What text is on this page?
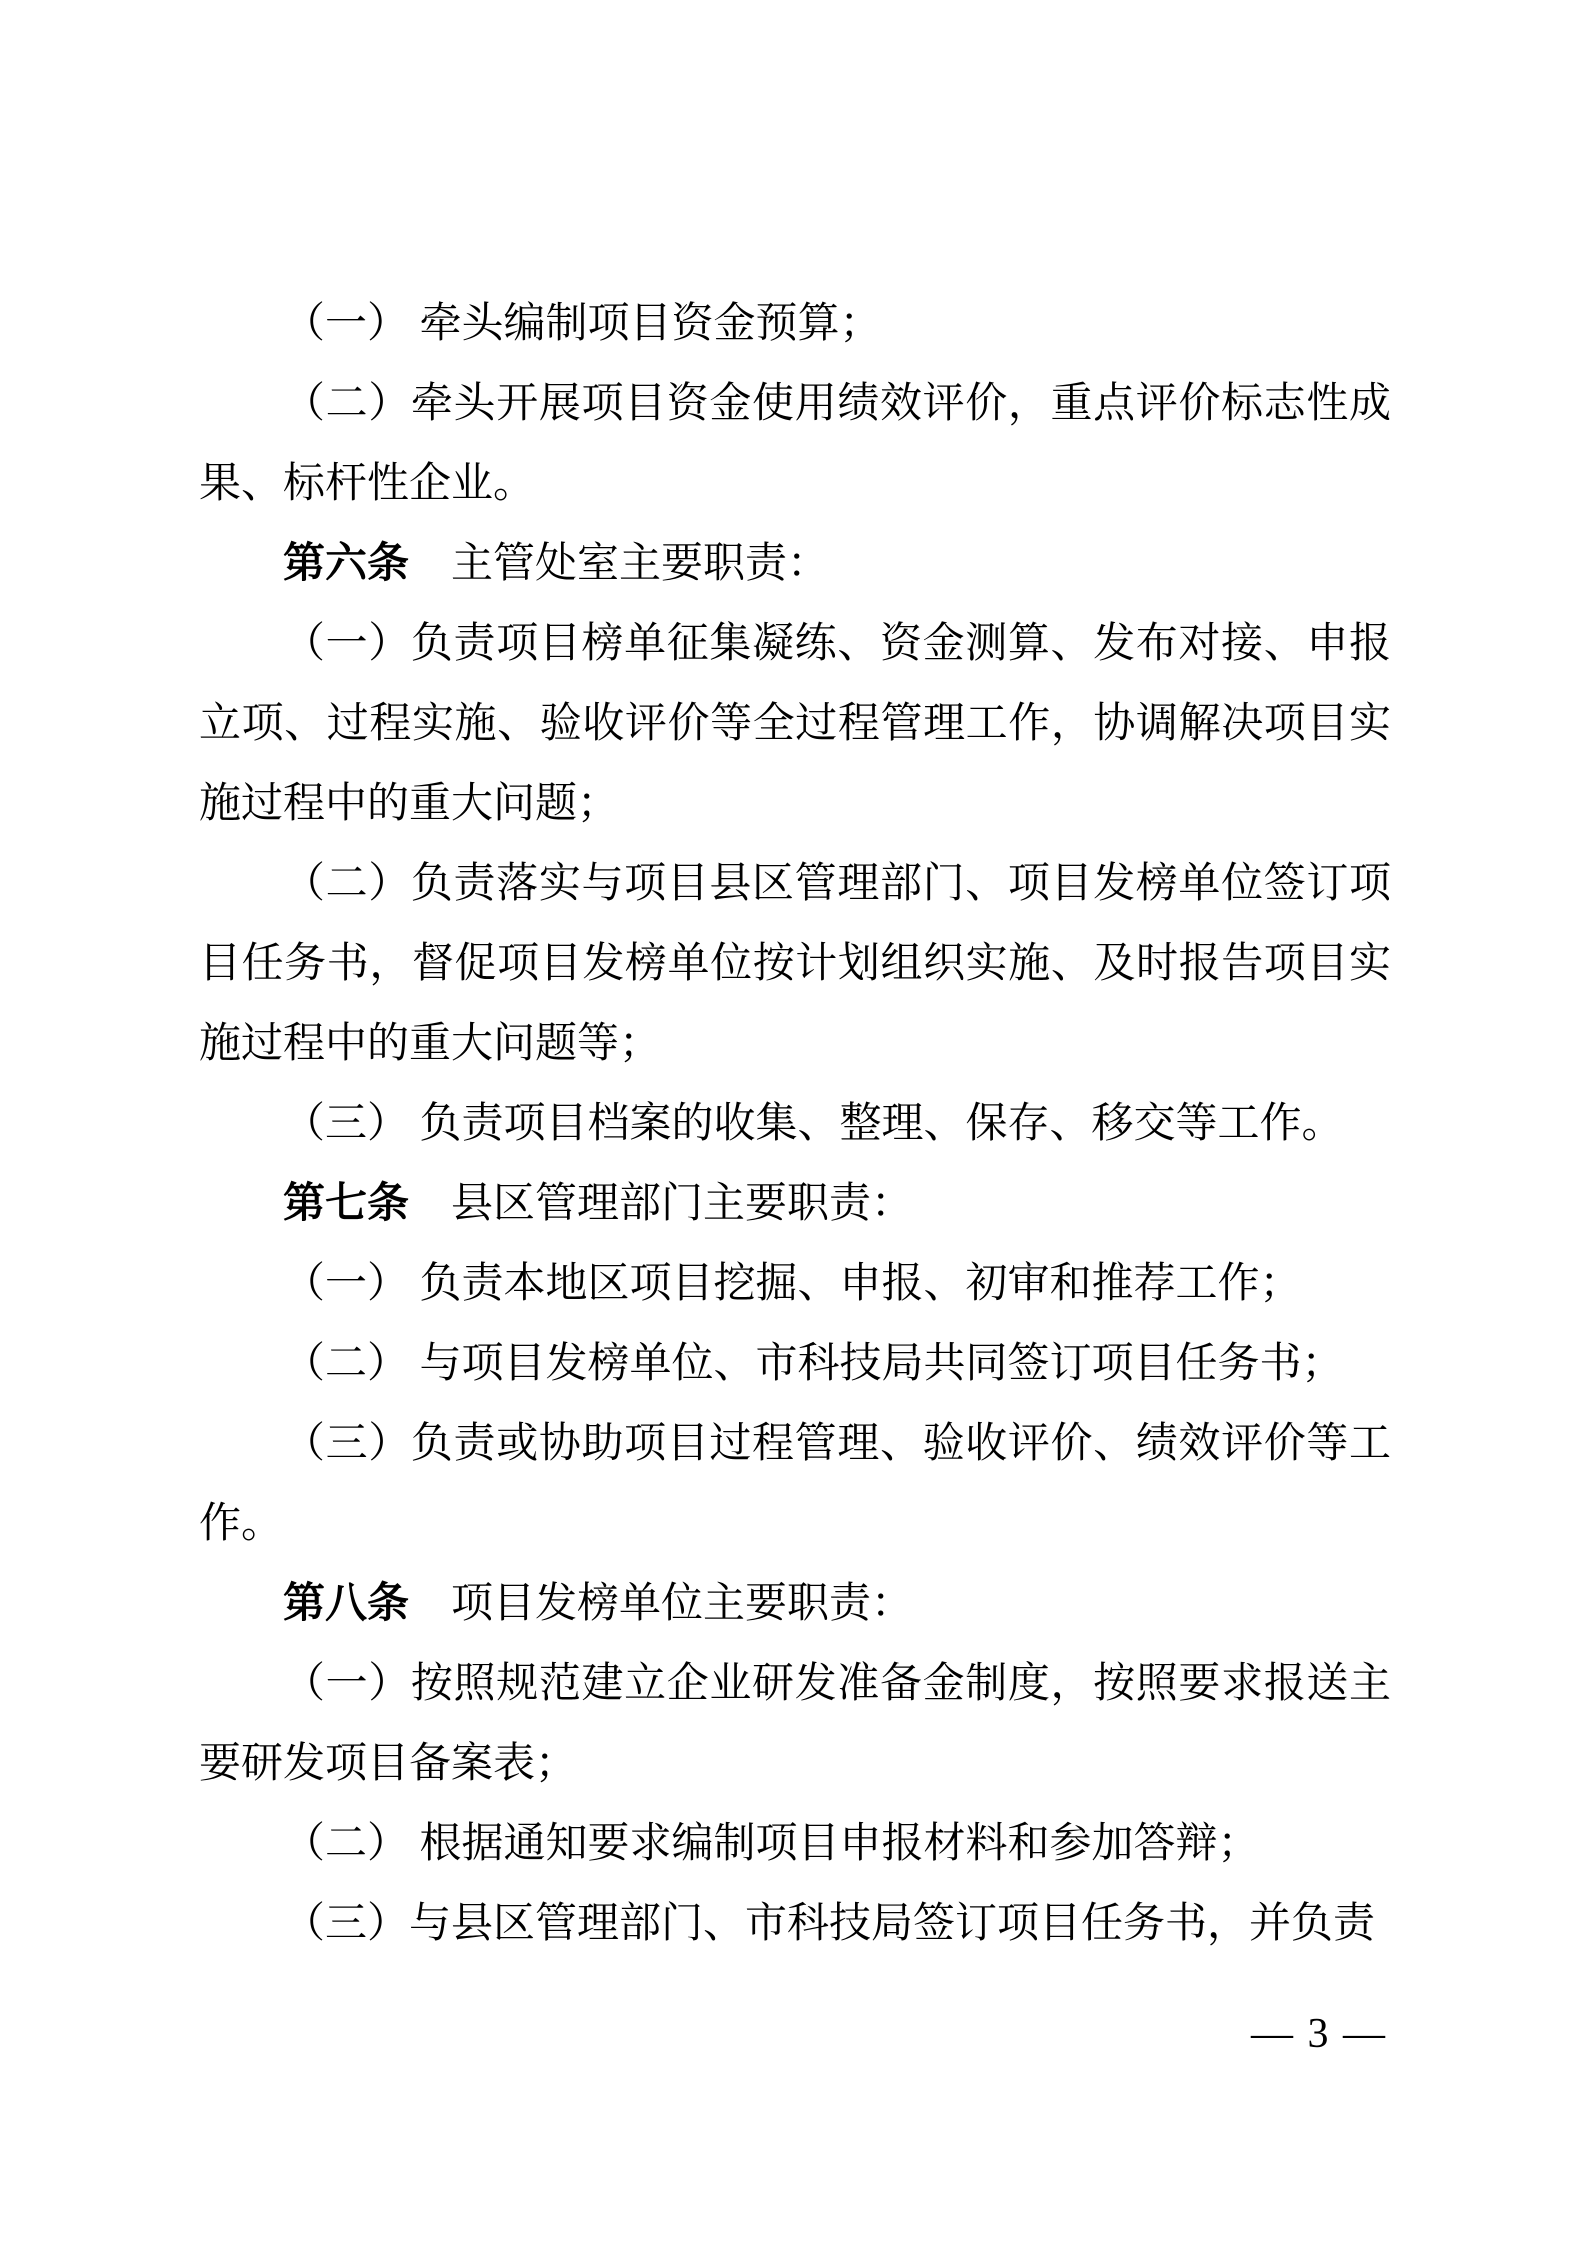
（一） 牵头编制项目资金预算；

（二）牵头开展项目资金使用绩效评价，重点评价标志性成果、标杆性企业。

第六条　主管处室主要职责：

（一）负责项目榜单征集凝练、资金测算、发布对接、申报立项、过程实施、验收评价等全过程管理工作，协调解决项目实施过程中的重大问题；

（二）负责落实与项目县区管理部门、项目发榜单位签订项目任务书，督促项目发榜单位按计划组织实施、及时报告项目实施过程中的重大问题等；

（三） 负责项目档案的收集、整理、保存、移交等工作。

第七条　县区管理部门主要职责：

（一） 负责本地区项目挖掘、申报、初审和推荐工作；

（二） 与项目发榜单位、市科技局共同签订项目任务书；

（三）负责或协助项目过程管理、验收评价、绩效评价等工作。

第八条　项目发榜单位主要职责：

（一）按照规范建立企业研发准备金制度，按照要求报送主要研发项目备案表；

（二） 根据通知要求编制项目申报材料和参加答辩；

（三）与县区管理部门、市科技局签订项目任务书，并负责

— 3 —
